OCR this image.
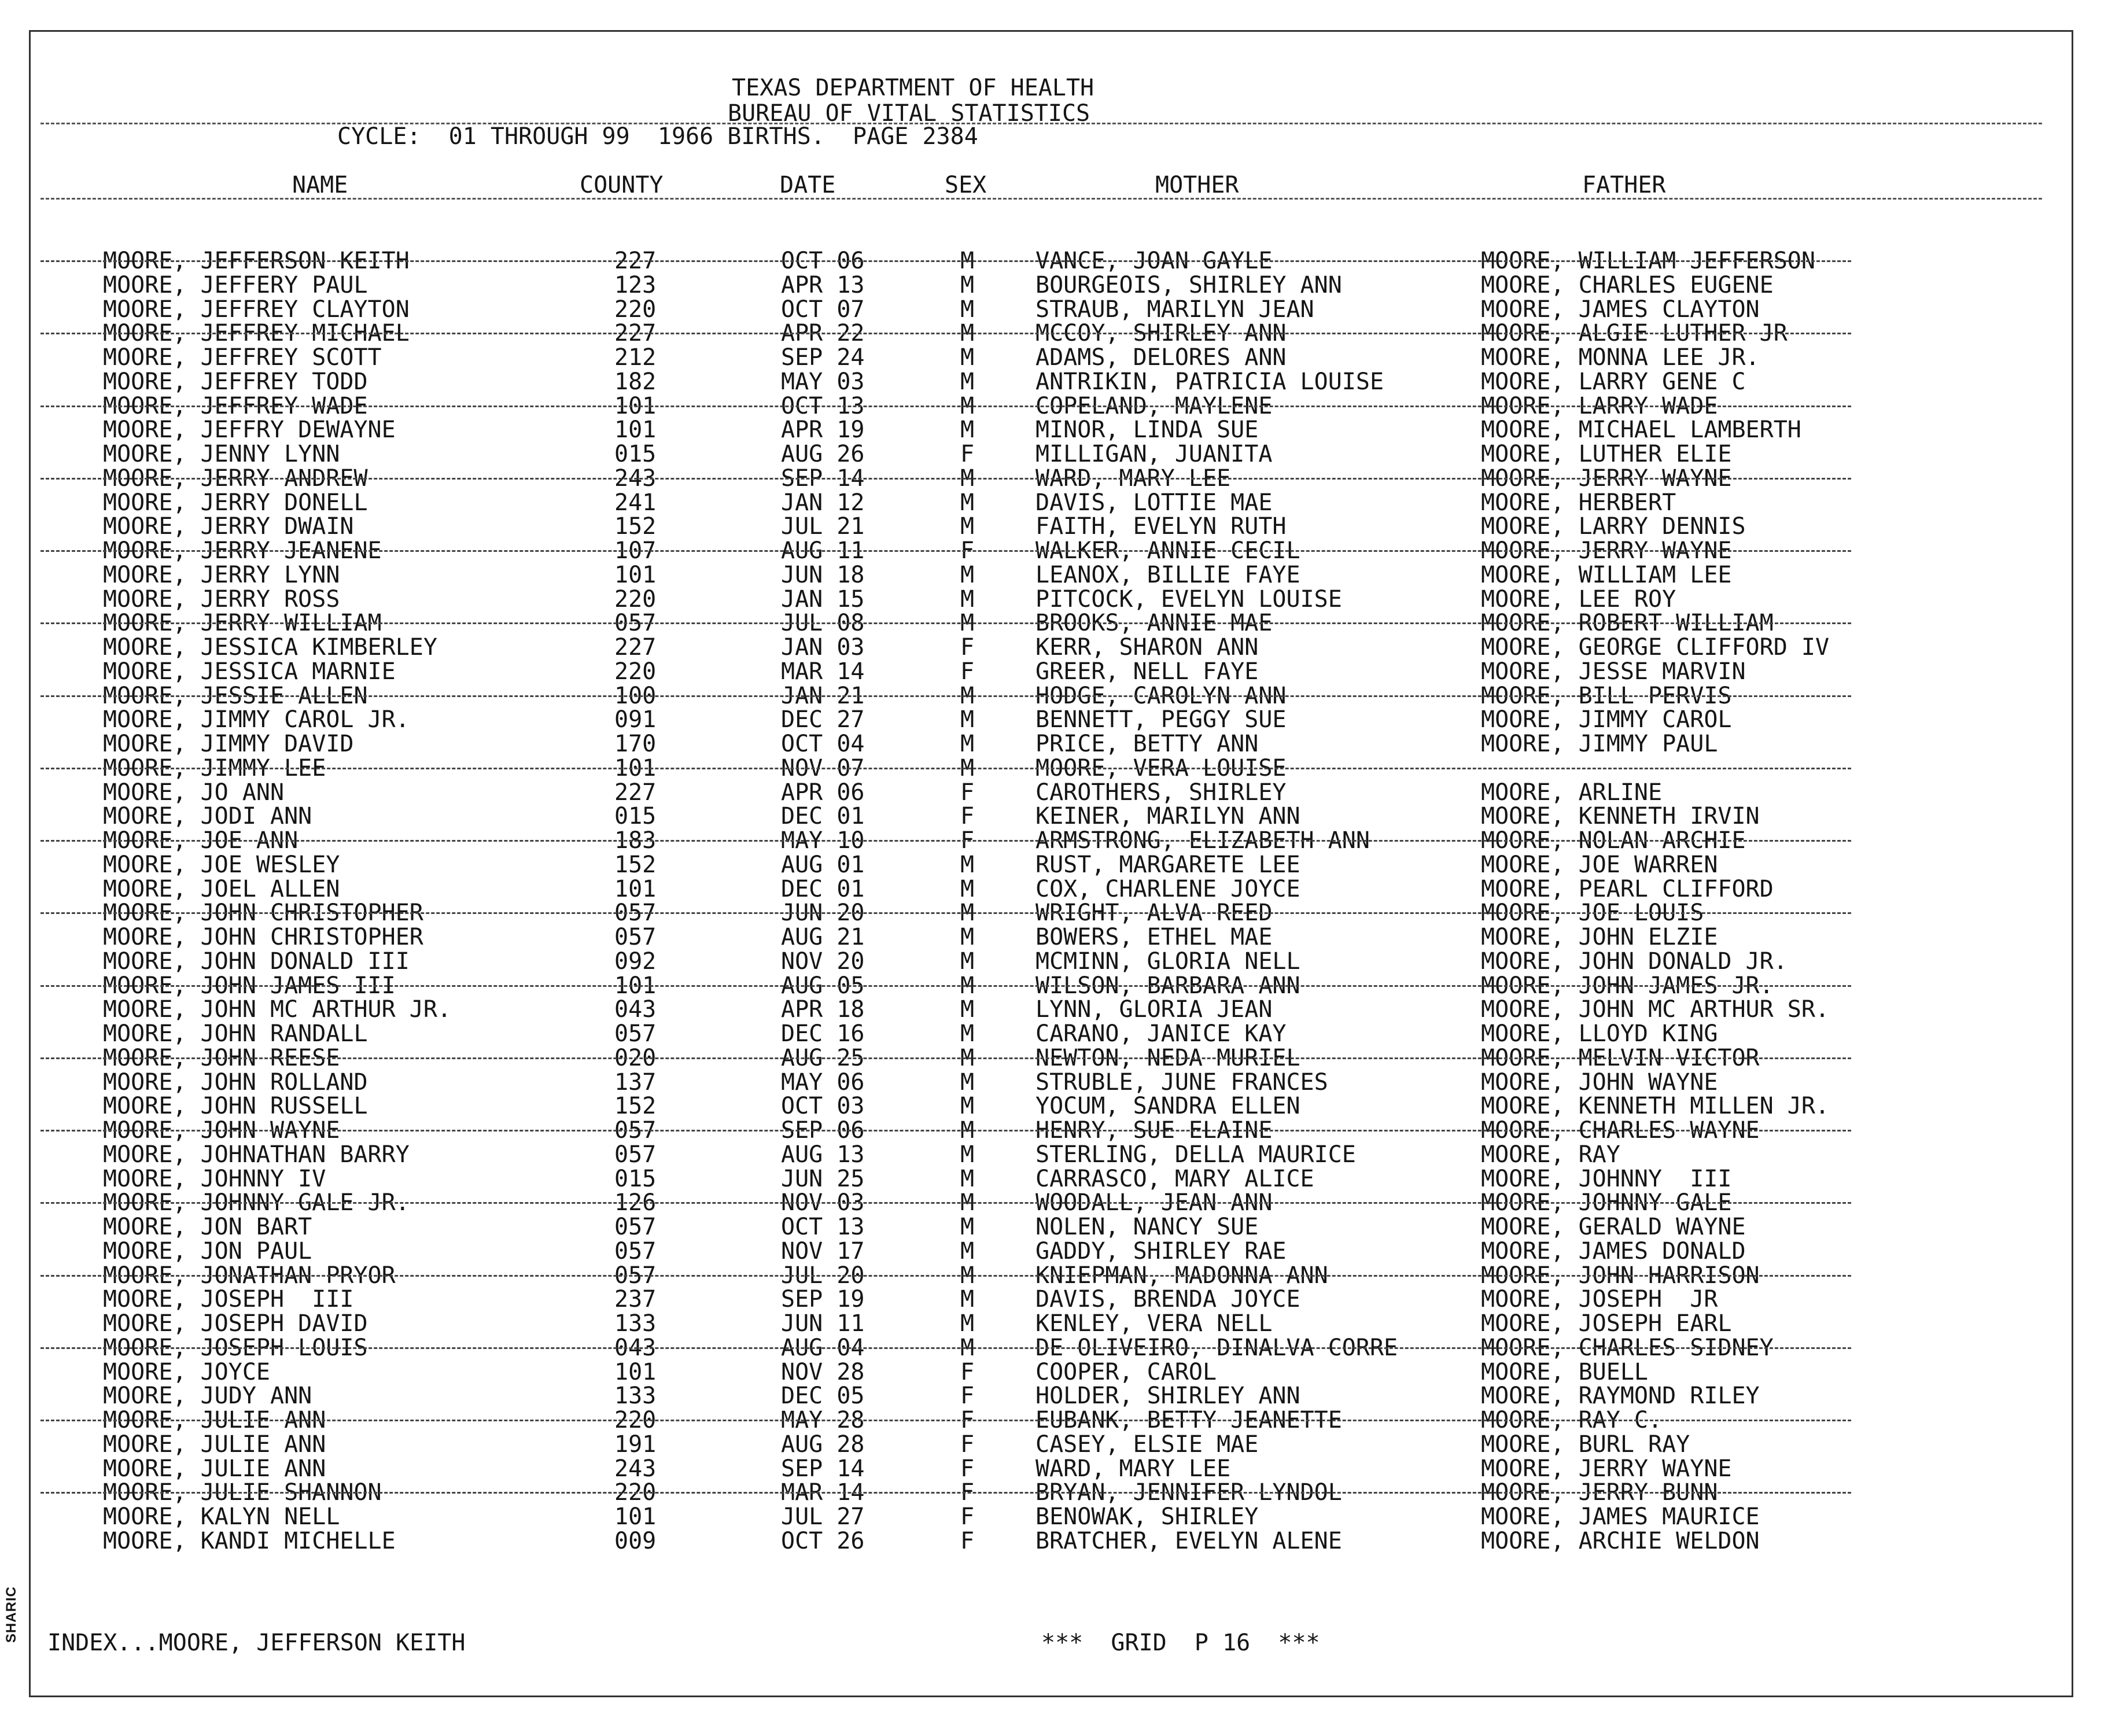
SHARIC
TEXAS DEPARTMENT OF HEALTH
BUREAU OF VITAL STATISTICS
CYCLE:  01 THROUGH 99  1966 BIRTHS.  PAGE 2384
NAME	COUNTY	DATE	SEX	MOTHER	FATHER
MOORE, JEFFERSON KEITH	227	OCT 06	M	VANCE, JOAN GAYLE	MOORE, WILLIAM JEFFERSON
MOORE, JEFFERY PAUL	123	APR 13	M	BOURGEOIS, SHIRLEY ANN	MOORE, CHARLES EUGENE
MOORE, JEFFREY CLAYTON	220	OCT 07	M	STRAUB, MARILYN JEAN	MOORE, JAMES CLAYTON
MOORE, JEFFREY MICHAEL	227	APR 22	M	MCCOY, SHIRLEY ANN	MOORE, ALGIE LUTHER JR
MOORE, JEFFREY SCOTT	212	SEP 24	M	ADAMS, DELORES ANN	MOORE, MONNA LEE JR.
MOORE, JEFFREY TODD	182	MAY 03	M	ANTRIKIN, PATRICIA LOUISE	MOORE, LARRY GENE C
MOORE, JEFFREY WADE	101	OCT 13	M	COPELAND, MAYLENE	MOORE, LARRY WADE
MOORE, JEFFRY DEWAYNE	101	APR 19	M	MINOR, LINDA SUE	MOORE, MICHAEL LAMBERTH
MOORE, JENNY LYNN	015	AUG 26	F	MILLIGAN, JUANITA	MOORE, LUTHER ELIE
MOORE, JERRY ANDREW	243	SEP 14	M	WARD, MARY LEE	MOORE, JERRY WAYNE
MOORE, JERRY DONELL	241	JAN 12	M	DAVIS, LOTTIE MAE	MOORE, HERBERT
MOORE, JERRY DWAIN	152	JUL 21	M	FAITH, EVELYN RUTH	MOORE, LARRY DENNIS
MOORE, JERRY JEANENE	107	AUG 11	F	WALKER, ANNIE CECIL	MOORE, JERRY WAYNE
MOORE, JERRY LYNN	101	JUN 18	M	LEANOX, BILLIE FAYE	MOORE, WILLIAM LEE
MOORE, JERRY ROSS	220	JAN 15	M	PITCOCK, EVELYN LOUISE	MOORE, LEE ROY
MOORE, JERRY WILLIAM	057	JUL 08	M	BROOKS, ANNIE MAE	MOORE, ROBERT WILLIAM
MOORE, JESSICA KIMBERLEY	227	JAN 03	F	KERR, SHARON ANN	MOORE, GEORGE CLIFFORD IV
MOORE, JESSICA MARNIE	220	MAR 14	F	GREER, NELL FAYE	MOORE, JESSE MARVIN
MOORE, JESSIE ALLEN	100	JAN 21	M	HODGE, CAROLYN ANN	MOORE, BILL PERVIS
MOORE, JIMMY CAROL JR.	091	DEC 27	M	BENNETT, PEGGY SUE	MOORE, JIMMY CAROL
MOORE, JIMMY DAVID	170	OCT 04	M	PRICE, BETTY ANN	MOORE, JIMMY PAUL
MOORE, JIMMY LEE	101	NOV 07	M	MOORE, VERA LOUISE
MOORE, JO ANN	227	APR 06	F	CAROTHERS, SHIRLEY	MOORE, ARLINE
MOORE, JODI ANN	015	DEC 01	F	KEINER, MARILYN ANN	MOORE, KENNETH IRVIN
MOORE, JOE ANN	183	MAY 10	F	ARMSTRONG, ELIZABETH ANN	MOORE, NOLAN ARCHIE
MOORE, JOE WESLEY	152	AUG 01	M	RUST, MARGARETE LEE	MOORE, JOE WARREN
MOORE, JOEL ALLEN	101	DEC 01	M	COX, CHARLENE JOYCE	MOORE, PEARL CLIFFORD
MOORE, JOHN CHRISTOPHER	057	JUN 20	M	WRIGHT, ALVA REED	MOORE, JOE LOUIS
MOORE, JOHN CHRISTOPHER	057	AUG 21	M	BOWERS, ETHEL MAE	MOORE, JOHN ELZIE
MOORE, JOHN DONALD III	092	NOV 20	M	MCMINN, GLORIA NELL	MOORE, JOHN DONALD JR.
MOORE, JOHN JAMES III	101	AUG 05	M	WILSON, BARBARA ANN	MOORE, JOHN JAMES JR.
MOORE, JOHN MC ARTHUR JR.	043	APR 18	M	LYNN, GLORIA JEAN	MOORE, JOHN MC ARTHUR SR.
MOORE, JOHN RANDALL	057	DEC 16	M	CARANO, JANICE KAY	MOORE, LLOYD KING
MOORE, JOHN REESE	020	AUG 25	M	NEWTON, NEDA MURIEL	MOORE, MELVIN VICTOR
MOORE, JOHN ROLLAND	137	MAY 06	M	STRUBLE, JUNE FRANCES	MOORE, JOHN WAYNE
MOORE, JOHN RUSSELL	152	OCT 03	M	YOCUM, SANDRA ELLEN	MOORE, KENNETH MILLEN JR.
MOORE, JOHN WAYNE	057	SEP 06	M	HENRY, SUE ELAINE	MOORE, CHARLES WAYNE
MOORE, JOHNATHAN BARRY	057	AUG 13	M	STERLING, DELLA MAURICE	MOORE, RAY
MOORE, JOHNNY IV	015	JUN 25	M	CARRASCO, MARY ALICE	MOORE, JOHNNY  III
MOORE, JOHNNY GALE JR.	126	NOV 03	M	WOODALL, JEAN ANN	MOORE, JOHNNY GALE
MOORE, JON BART	057	OCT 13	M	NOLEN, NANCY SUE	MOORE, GERALD WAYNE
MOORE, JON PAUL	057	NOV 17	M	GADDY, SHIRLEY RAE	MOORE, JAMES DONALD
MOORE, JONATHAN PRYOR	057	JUL 20	M	KNIEPMAN, MADONNA ANN	MOORE, JOHN HARRISON
MOORE, JOSEPH  III	237	SEP 19	M	DAVIS, BRENDA JOYCE	MOORE, JOSEPH  JR
MOORE, JOSEPH DAVID	133	JUN 11	M	KENLEY, VERA NELL	MOORE, JOSEPH EARL
MOORE, JOSEPH LOUIS	043	AUG 04	M	DE OLIVEIRO, DINALVA CORRE	MOORE, CHARLES SIDNEY
MOORE, JOYCE	101	NOV 28	F	COOPER, CAROL	MOORE, BUELL
MOORE, JUDY ANN	133	DEC 05	F	HOLDER, SHIRLEY ANN	MOORE, RAYMOND RILEY
MOORE, JULIE ANN	220	MAY 28	F	EUBANK, BETTY JEANETTE	MOORE, RAY C.
MOORE, JULIE ANN	191	AUG 28	F	CASEY, ELSIE MAE	MOORE, BURL RAY
MOORE, JULIE ANN	243	SEP 14	F	WARD, MARY LEE	MOORE, JERRY WAYNE
MOORE, JULIE SHANNON	220	MAR 14	F	BRYAN, JENNIFER LYNDOL	MOORE, JERRY BUNN
MOORE, KALYN NELL	101	JUL 27	F	BENOWAK, SHIRLEY	MOORE, JAMES MAURICE
MOORE, KANDI MICHELLE	009	OCT 26	F	BRATCHER, EVELYN ALENE	MOORE, ARCHIE WELDON
INDEX...MOORE, JEFFERSON KEITH	***  GRID  P 16  ***
